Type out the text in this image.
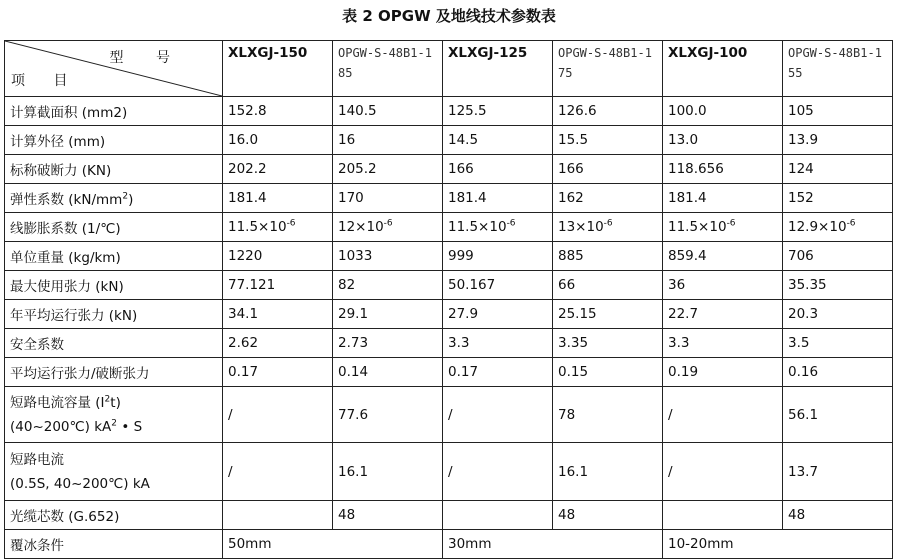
表 2 OPGW 及地线技术参数表
型 号
项 目	XLXGJ-150	OPGW-S-48B1-185	XLXGJ-125	OPGW-S-48B1-175	XLXGJ-100	OPGW-S-48B1-155
计算截面积 (mm2)	152.8	140.5	125.5	126.6	100.0	105
计算外径 (mm)	16.0	16	14.5	15.5	13.0	13.9
标称破断力 (KN)	202.2	205.2	166	166	118.656	124
弹性系数 $(kN/mm^2)$	181.4	170	181.4	162	181.4	152
线膨胀系数 (1/℃)	$11.5\times 10^{-6}$	$12\times 10^{-6}$	$11.5\times 10^{-6}$	$13\times 10^{-6}$	$11.5\times 10^{-6}$	$12.9\times 10^{-6}$
单位重量 (kg/km)	1220	1033	999	885	859.4	706
最大使用张力 (kN)	77.121	82	50.167	66	36	35.35
年平均运行张力 (kN)	34.1	29.1	27.9	25.15	22.7	20.3
安全系数	2.62	2.73	3.3	3.35	3.3	3.5
平均运行张力/破断张力	0.17	0.14	0.17	0.15	0.19	0.16

短路电流容量 $(I^2t)$
(40~200℃) $kA^2$ • S	/	77.6	/	78	/	56.1

短路电流
(0.5S, 40~200℃) kA	/	16.1	/	16.1	/	13.7
光缆芯数 (G.652)		48		48		48
覆冰条件	50mm		30mm		10-20mm	
